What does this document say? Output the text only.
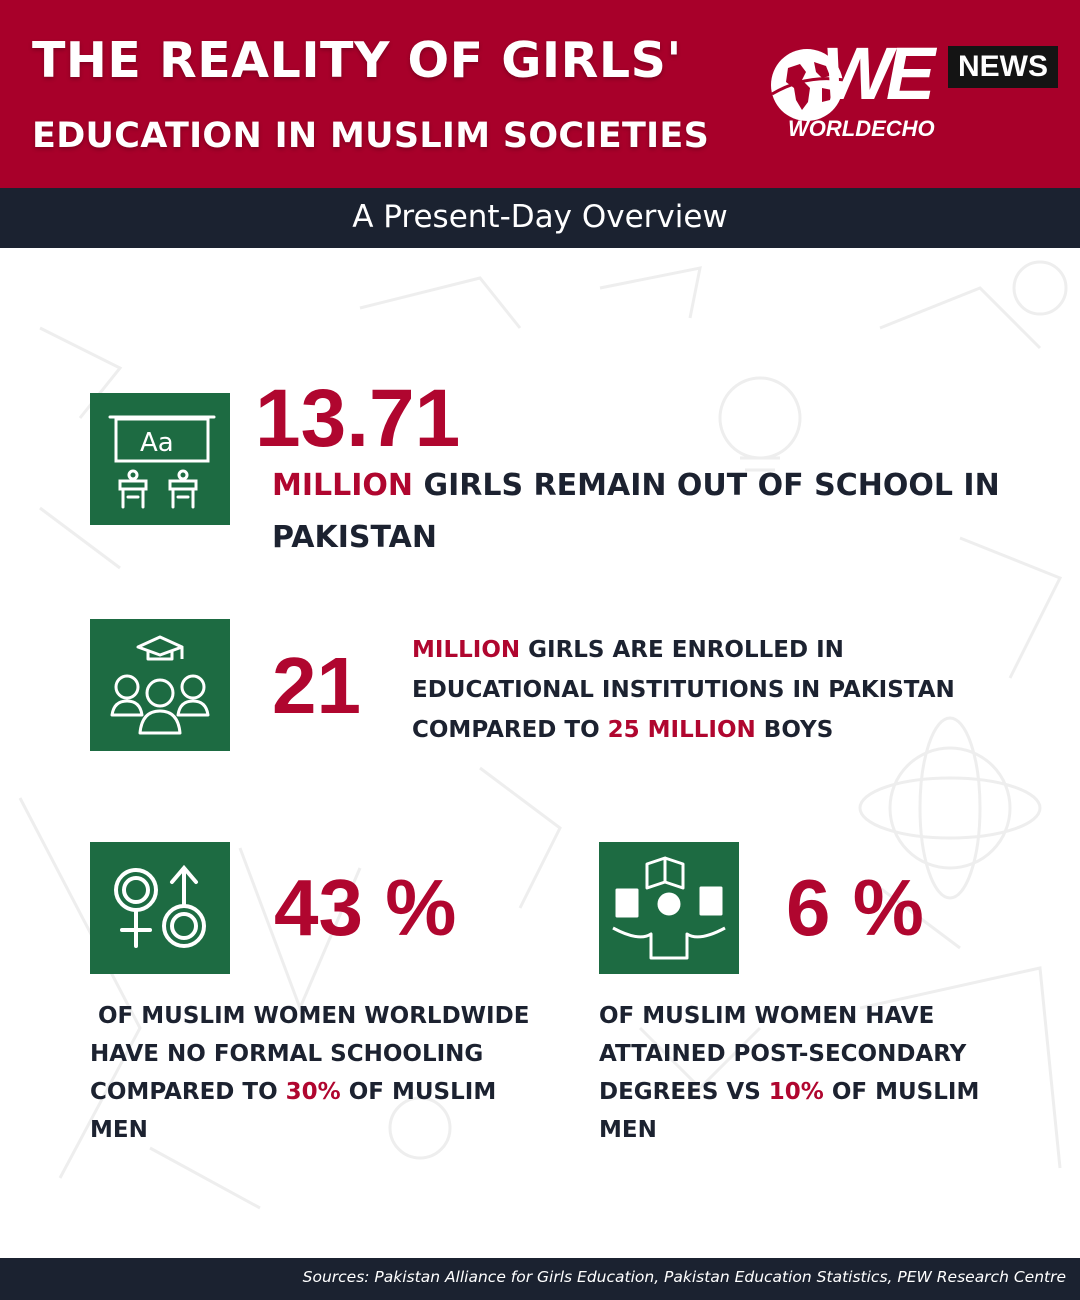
THE REALITY OF GIRLS'
EDUCATION IN MUSLIM SOCIETIES
WE NEWS
WORLDECHO
A Present-Day Overview
Aa 13.71
MILLION GIRLS REMAIN OUT OF SCHOOL IN
PAKISTAN
21 MILLION GIRLS ARE ENROLLED IN
EDUCATIONAL INSTITUTIONS IN PAKISTAN
COMPARED TO 25 MILLION BOYS
43 %
OF MUSLIM WOMEN WORLDWIDE
HAVE NO FORMAL SCHOOLING
COMPARED TO 30% OF MUSLIM
MEN
6 %
OF MUSLIM WOMEN HAVE
ATTAINED POST-SECONDARY
DEGREES VS 10% OF MUSLIM
MEN
Sources: Pakistan Alliance for Girls Education, Pakistan Education Statistics, PEW Research Centre
